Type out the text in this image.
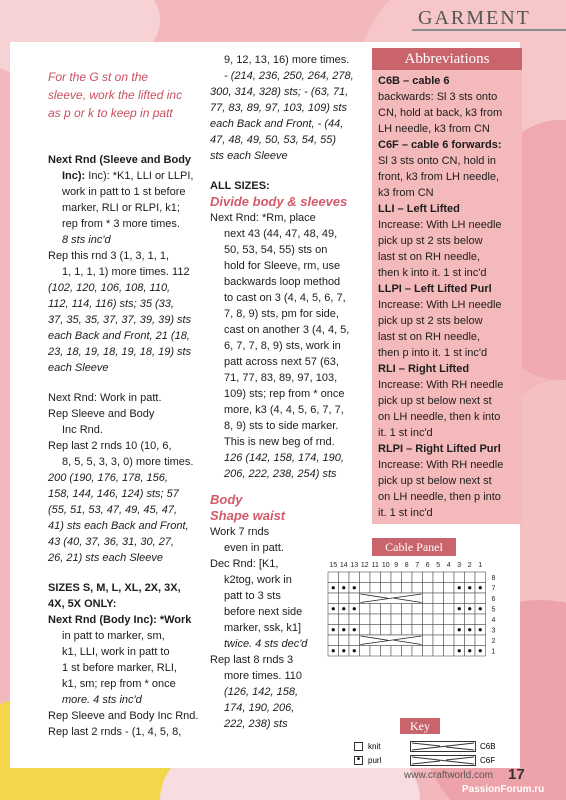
GARMENT

For the G st on the

sleeve, work the lifted inc

as p or k to keep in patt

Next Rnd (Sleeve and Body

Inc): Inc): *K1, LLI or LLPI,

work in patt to 1 st before

marker, RLI or RLPI, k1;

rep from * 3 more times.

8 sts inc'd

Rep this rnd 3 (1, 3, 1, 1,

1, 1, 1, 1) more times. 112

(102, 120, 106, 108, 110,

112, 114, 116) sts; 35 (33,

37, 35, 35, 37, 37, 39, 39) sts

each Back and Front, 21 (18,

23, 18, 19, 18, 19, 18, 19) sts

each Sleeve

Next Rnd: Work in patt.

Rep Sleeve and Body

Inc Rnd.

Rep last 2 rnds 10 (10, 6,

8, 5, 5, 3, 3, 0) more times.

200 (190, 176, 178, 156,

158, 144, 146, 124) sts; 57

(55, 51, 53, 47, 49, 45, 47,

41) sts each Back and Front,

43 (40, 37, 36, 31, 30, 27,

26, 21) sts each Sleeve

SIZES S, M, L, XL, 2X, 3X,

4X, 5X ONLY:

Next Rnd (Body Inc): *Work

in patt to marker, sm,

k1, LLI, work in patt to

1 st before marker, RLI,

k1, sm; rep from * once

more. 4 sts inc'd

Rep Sleeve and Body Inc Rnd.

Rep last 2 rnds - (1, 4, 5, 8,

9, 12, 13, 16) more times.

- (214, 236, 250, 264, 278,

300, 314, 328) sts; - (63, 71,

77, 83, 89, 97, 103, 109) sts

each Back and Front, - (44,

47, 48, 49, 50, 53, 54, 55)

sts each Sleeve

ALL SIZES:

Divide body & sleeves

Next Rnd: *Rm, place

next 43 (44, 47, 48, 49,

50, 53, 54, 55) sts on

hold for Sleeve, rm, use

backwards loop method

to cast on 3 (4, 4, 5, 6, 7,

7, 8, 9) sts, pm for side,

cast on another 3 (4, 4, 5,

6, 7, 7, 8, 9) sts, work in

patt across next 57 (63,

71, 77, 83, 89, 97, 103,

109) sts; rep from * once

more, k3 (4, 4, 5, 6, 7, 7,

8, 9) sts to side marker.

This is new beg of rnd.

126 (142, 158, 174, 190,

206, 222, 238, 254) sts

Body

Shape waist

Work 7 rnds

even in patt.

Dec Rnd: [K1,

k2tog, work in

patt to 3 sts

before next side

marker, ssk, k1]

twice. 4 sts dec'd

Rep last 8 rnds 3

more times. 110

(126, 142, 158,

174, 190, 206,

222, 238) sts

Abbreviations

C6B – cable 6

backwards: Sl 3 sts onto

CN, hold at back, k3 from

LH needle, k3 from CN

C6F – cable 6 forwards:

Sl 3 sts onto CN, hold in

front, k3 from LH needle,

k3 from CN

LLI – Left Lifted

Increase: With LH needle

pick up st 2 sts below

last st on RH needle,

then k into it. 1 st inc'd

LLPI – Left Lifted Purl

Increase: With LH needle

pick up st 2 sts below

last st on RH needle,

then p into it. 1 st inc'd

RLI – Right Lifted

Increase: With RH needle

pick up st below next st

on LH needle, then k into

it. 1 st inc'd

RLPI – Right Lifted Purl

Increase: With RH needle

pick up st below next st

on LH needle, then p into

it. 1 st inc'd

Cable Panel
15 14 13 12 11 10 9 8 7 6 5 4 3 2 1
8
7
6
5
4
3
2
1
Key
knit
• purl
C6B
C6F
www.craftworld.com 17
PassionForum.ru
